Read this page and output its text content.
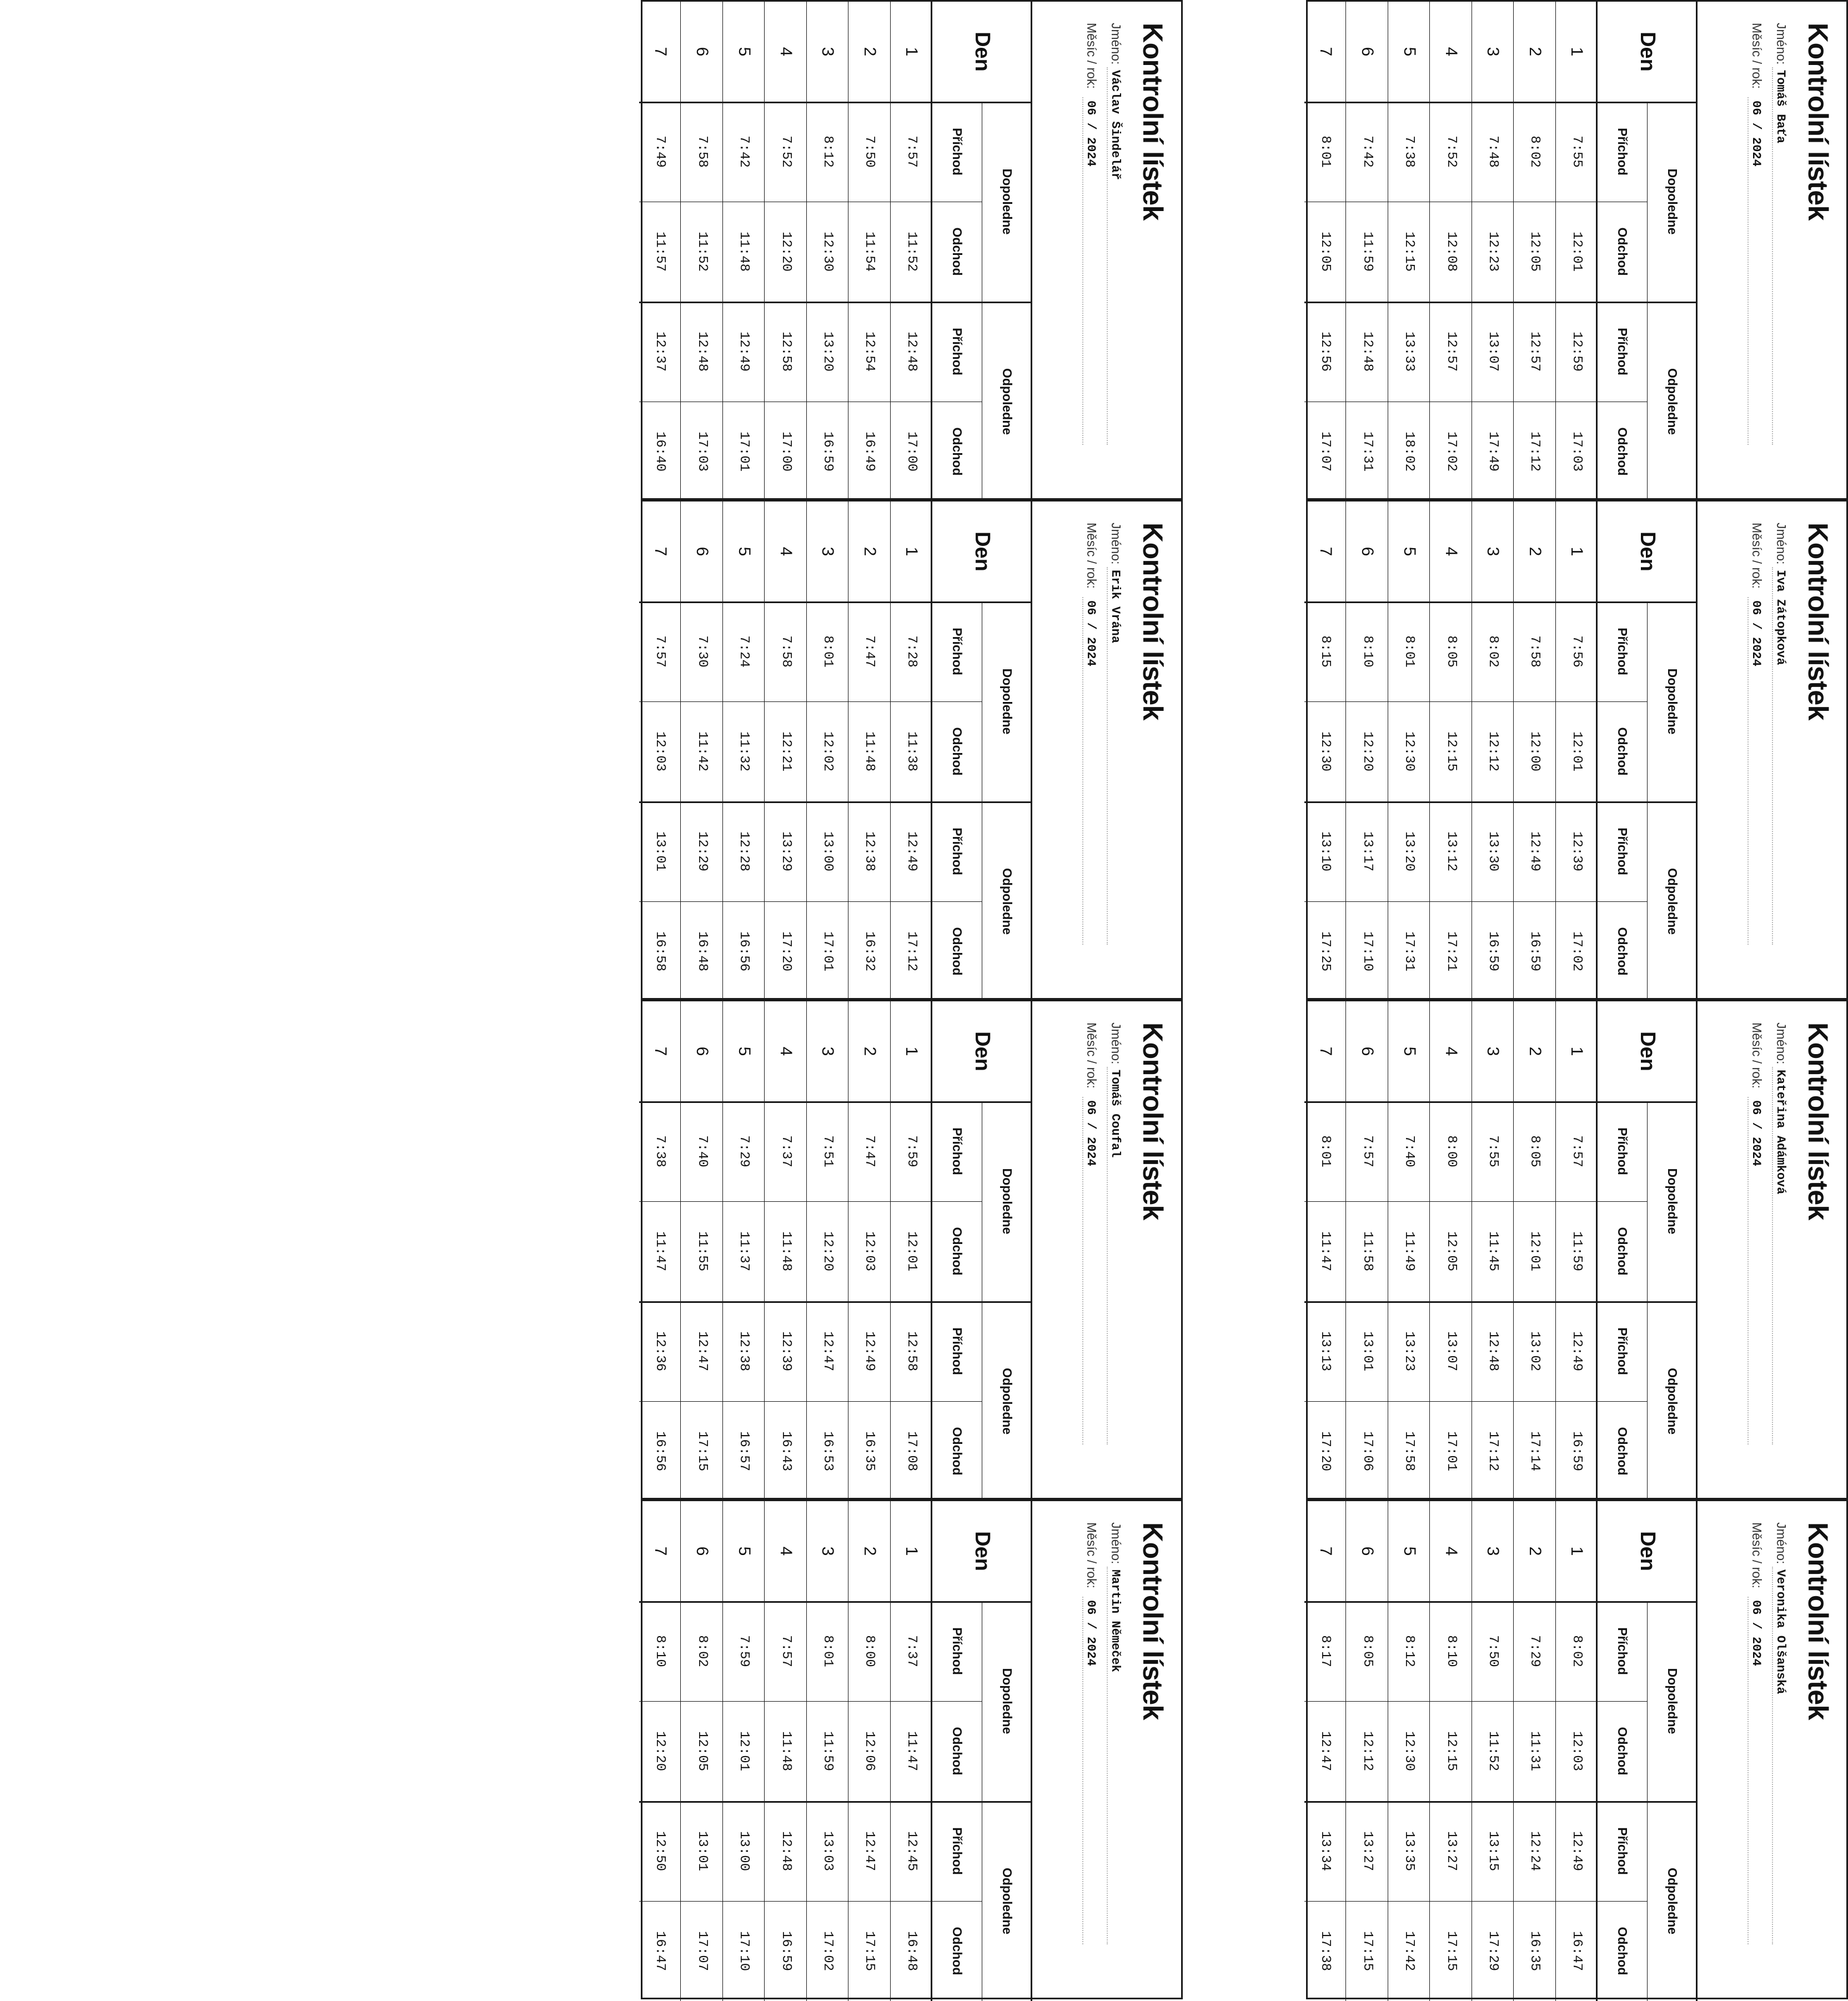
Kontrolní lístek
Jméno:
Tomáš Baťa
Měsíc / rok:
06 / 2024
Den
Dopoledne
Odpoledne
Příchod
Odchod
Příchod
Odchod
1
7:55
12:01
12:59
17:03
2
8:02
12:05
12:57
17:12
3
7:48
12:23
13:07
17:49
4
7:52
12:08
12:57
17:02
5
7:38
12:15
13:33
18:02
6
7:42
11:59
12:48
17:31
7
8:01
12:05
12:56
17:07
Kontrolní lístek
Jméno:
Iva Zátopková
Měsíc / rok:
06 / 2024
Den
Dopoledne
Odpoledne
Příchod
Odchod
Příchod
Odchod
1
7:56
12:01
12:39
17:02
2
7:58
12:00
12:49
16:59
3
8:02
12:12
13:30
16:59
4
8:05
12:15
13:12
17:21
5
8:01
12:30
13:20
17:31
6
8:10
12:20
13:17
17:10
7
8:15
12:30
13:10
17:25
Kontrolní lístek
Jméno:
Kateřina Adámková
Měsíc / rok:
06 / 2024
Den
Dopoledne
Odpoledne
Příchod
Odchod
Příchod
Odchod
1
7:57
11:59
12:49
16:59
2
8:05
12:01
13:02
17:14
3
7:55
11:45
12:48
17:12
4
8:00
12:05
13:07
17:01
5
7:40
11:49
13:23
17:58
6
7:57
11:58
13:01
17:06
7
8:01
11:47
13:13
17:20
Kontrolní lístek
Jméno:
Veronika Olšanská
Měsíc / rok:
06 / 2024
Den
Dopoledne
Odpoledne
Příchod
Odchod
Příchod
Odchod
1
8:02
12:03
12:49
16:47
2
7:29
11:31
12:24
16:35
3
7:50
11:52
13:15
17:29
4
8:10
12:15
13:27
17:15
5
8:12
12:30
13:35
17:42
6
8:05
12:12
13:27
17:15
7
8:17
12:47
13:34
17:38
Kontrolní lístek
Jméno:
Václav Šindelář
Měsíc / rok:
06 / 2024
Den
Dopoledne
Odpoledne
Příchod
Odchod
Příchod
Odchod
1
7:57
11:52
12:48
17:00
2
7:50
11:54
12:54
16:49
3
8:12
12:30
13:20
16:59
4
7:52
12:20
12:58
17:00
5
7:42
11:48
12:49
17:01
6
7:58
11:52
12:48
17:03
7
7:49
11:57
12:37
16:40
Kontrolní lístek
Jméno:
Erik Vrána
Měsíc / rok:
06 / 2024
Den
Dopoledne
Odpoledne
Příchod
Odchod
Příchod
Odchod
1
7:28
11:38
12:49
17:12
2
7:47
11:48
12:38
16:32
3
8:01
12:02
13:00
17:01
4
7:58
12:21
13:29
17:20
5
7:24
11:32
12:28
16:56
6
7:30
11:42
12:29
16:48
7
7:57
12:03
13:01
16:58
Kontrolní lístek
Jméno:
Tomáš Coufal
Měsíc / rok:
06 / 2024
Den
Dopoledne
Odpoledne
Příchod
Odchod
Příchod
Odchod
1
7:59
12:01
12:58
17:08
2
7:47
12:03
12:49
16:35
3
7:51
12:20
12:47
16:53
4
7:37
11:48
12:39
16:43
5
7:29
11:37
12:38
16:57
6
7:40
11:55
12:47
17:15
7
7:38
11:47
12:36
16:56
Kontrolní lístek
Jméno:
Martin Němeček
Měsíc / rok:
06 / 2024
Den
Dopoledne
Odpoledne
Příchod
Odchod
Příchod
Odchod
1
7:37
11:47
12:45
16:48
2
8:00
12:06
12:47
17:15
3
8:01
11:59
13:03
17:02
4
7:57
11:48
12:48
16:59
5
7:59
12:01
13:00
17:10
6
8:02
12:05
13:01
17:07
7
8:10
12:20
12:50
16:47
